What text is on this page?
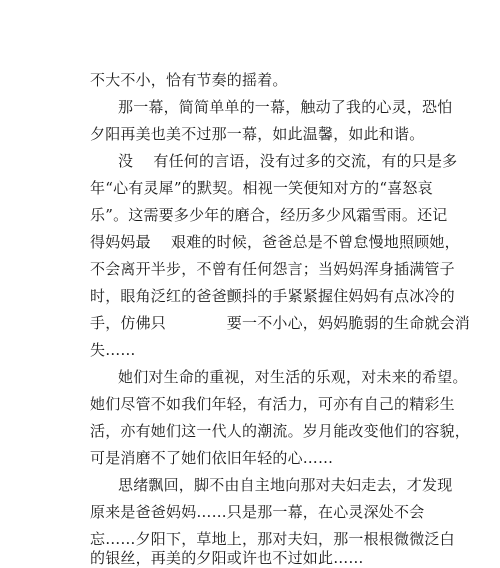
不大不小，恰有节奏的摇着。
那一幕，简简单单的一幕，触动了我的心灵，恐怕
夕阳再美也美不过那一幕，如此温馨，如此和谐。
没　 有任何的言语，没有过多的交流，有的只是多
年“心有灵犀”的默契。相视一笑便知对方的“喜怒哀
乐”。这需要多少年的磨合，经历多少风霜雪雨。还记
得妈妈最　 艰难的时候，爸爸总是不曾怠慢地照顾她，
不会离开半步，不曾有任何怨言；当妈妈浑身插满管子
时，眼角泛红的爸爸颤抖的手紧紧握住妈妈有点冰冷的
手，仿佛只　　　　要一不小心，妈妈脆弱的生命就会消
失……
她们对生命的重视，对生活的乐观，对未来的希望。
她们尽管不如我们年轻，有活力，可亦有自己的精彩生
活，亦有她们这一代人的潮流。岁月能改变他们的容貌，
可是消磨不了她们依旧年轻的心……
思绪飘回，脚不由自主地向那对夫妇走去，才发现
原来是爸爸妈妈……只是那一幕，在心灵深处不会
忘……夕阳下，草地上，那对夫妇，那一根根微微泛白
的银丝，再美的夕阳或许也不过如此……
